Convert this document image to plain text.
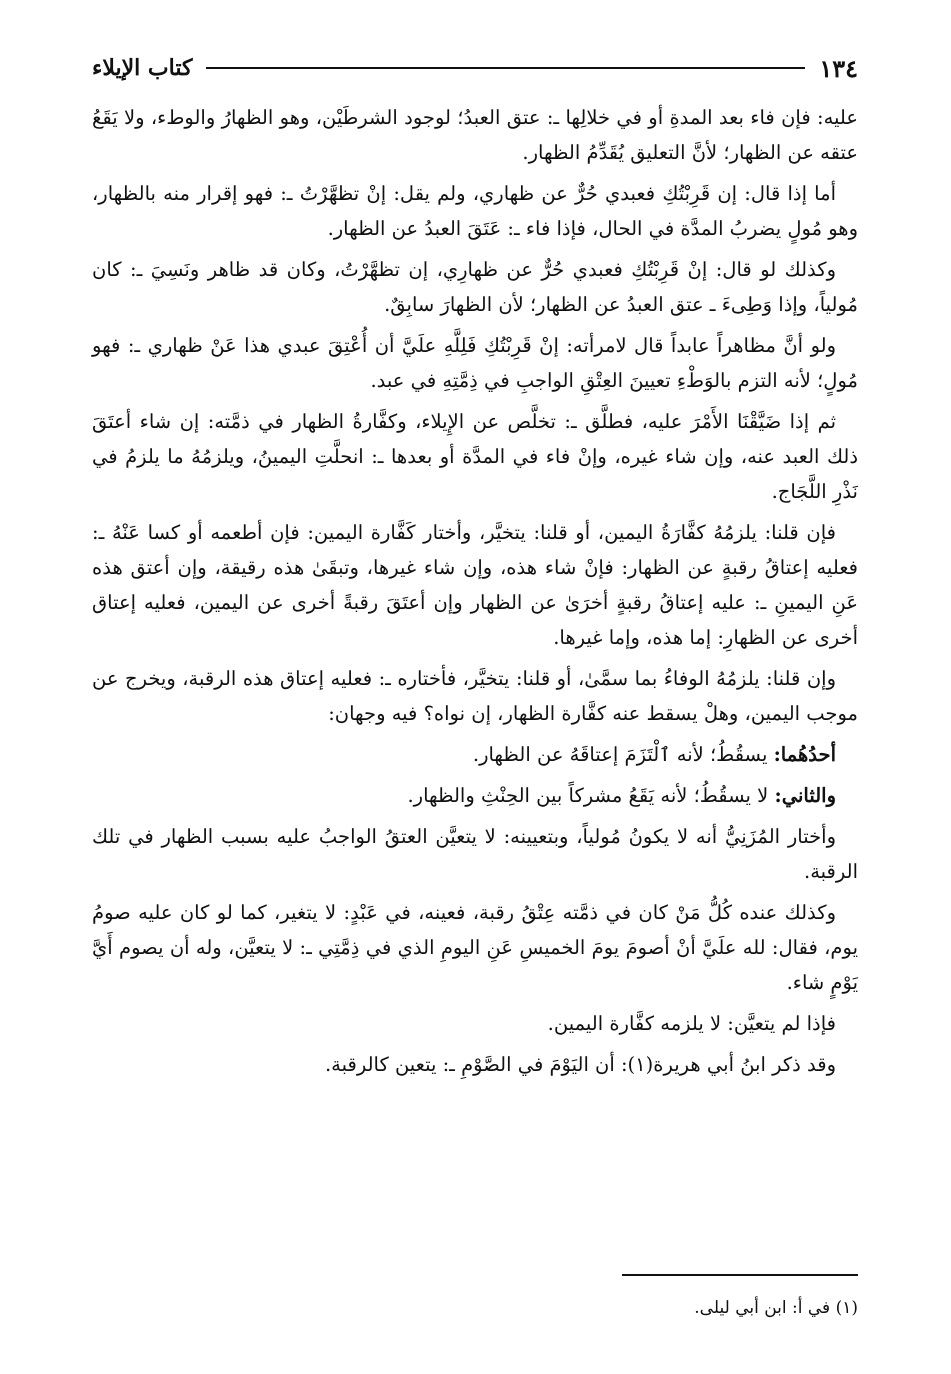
١٣٤
كتاب الإيلاء

عليه: فإن فاء بعد المدةِ أو في خلالِها ـ: عتق العبدُ؛ لوجود الشرطَيْن، وهو الظهارُ والوطء، ولا يَقَعُ عتقه عن الظهار؛ لأنَّ التعليق يُقَدِّمُ الظهار.

أما إذا قال: إن قَرِبْتُكِ فعبدي حُرٌّ عن ظهاري، ولم يقل: إنْ تظهَّرْتُ ـ: فهو إقرار منه بالظهار، وهو مُولٍ يضربُ المدَّة في الحال، فإذا فاء ـ: عَتَقَ العبدُ عن الظهار.

وكذلك لو قال: إنْ قَرِبْتُكِ فعبدي حُرٌّ عن ظهارِي، إن تظهَّرْتُ، وكان قد ظاهر ونَسِيَ ـ: كان مُولياً، وإذا وَطِىءَ ـ عتق العبدُ عن الظهار؛ لأن الظهارَ سابِقٌ.

ولو أنَّ مظاهراً عابداً قال لامرأته: إنْ قَرِبْتُكِ فَلِلَّهِ علَيَّ أن أُعْتِقَ عبدي هذا عَنْ ظهاري ـ: فهو مُولٍ؛ لأنه التزم بالوَطْءِ تعيينَ العِتْقِ الواجبِ في ذِمَّتِهِ في عبد.

ثم إذا ضَيَّقْنَا الأَمْرَ عليه، فطلَّق ـ: تخلَّص عن الإِيلاء، وكفَّارةُ الظهار في ذمَّته: إن شاء أعتَقَ ذلك العبد عنه، وإن شاء غيره، وإنْ فاء في المدَّة أو بعدها ـ: انحلَّتِ اليمينُ، ويلزمُهُ ما يلزمُ في نَذْرِ اللَّجَاج.

فإن قلنا: يلزمُهُ كفَّارَةُ اليمين، أو قلنا: يتخيَّر، وأختار كَفَّارة اليمين: فإن أطعمه أو كسا عَنْهُ ـ: فعليه إعتاقُ رقبةٍ عن الظهار: فإنْ شاء هذه، وإن شاء غيرها، وتبقَىٰ هذه رقيقة، وإن أعتق هذه عَنِ اليمينِ ـ: عليه إعتاقُ رقبةٍ أخرَىٰ عن الظهار وإن أعتَقَ رقبةً أخرى عن اليمين، فعليه إعتاق أخرى عن الظهارِ: إما هذه، وإما غيرها.

وإن قلنا: يلزمُهُ الوفاءُ بما سمَّىٰ، أو قلنا: يتخيَّر، فأختاره ـ: فعليه إعتاق هذه الرقبة، ويخرج عن موجب اليمين، وهلْ يسقط عنه كفَّارة الظهار، إن نواه؟ فيه وجهان:

أحدُهُما: يسقُطُ؛ لأنه ٱلْتَزَمَ إعتاقَهُ عن الظهار.

والثاني: لا يسقُطُ؛ لأنه يَقَعُ مشركاً بين الحِنْثِ والظهار.

وأختار المُزَنِيُّ أنه لا يكونُ مُولياً، وبتعيينه: لا يتعيَّن العتقُ الواجبُ عليه بسبب الظهار في تلك الرقبة.

وكذلك عنده كُلُّ مَنْ كان في ذمَّته عِتْقُ رقبة، فعينه، في عَبْدٍ: لا يتغير، كما لو كان عليه صومُ يوم، فقال: لله علَيَّ أنْ أصومَ يومَ الخميسِ عَنِ اليومِ الذي في ذِمَّتِي ـ: لا يتعيَّن، وله أن يصوم أَيَّ يَوْمٍ شاء.

فإذا لم يتعيَّن: لا يلزمه كفَّارة اليمين.

وقد ذكر ابنُ أبي هريرة(١): أن اليَوْمَ في الصَّوْمِ ـ: يتعين كالرقبة.

(١) في أ: ابن أبي ليلى.
